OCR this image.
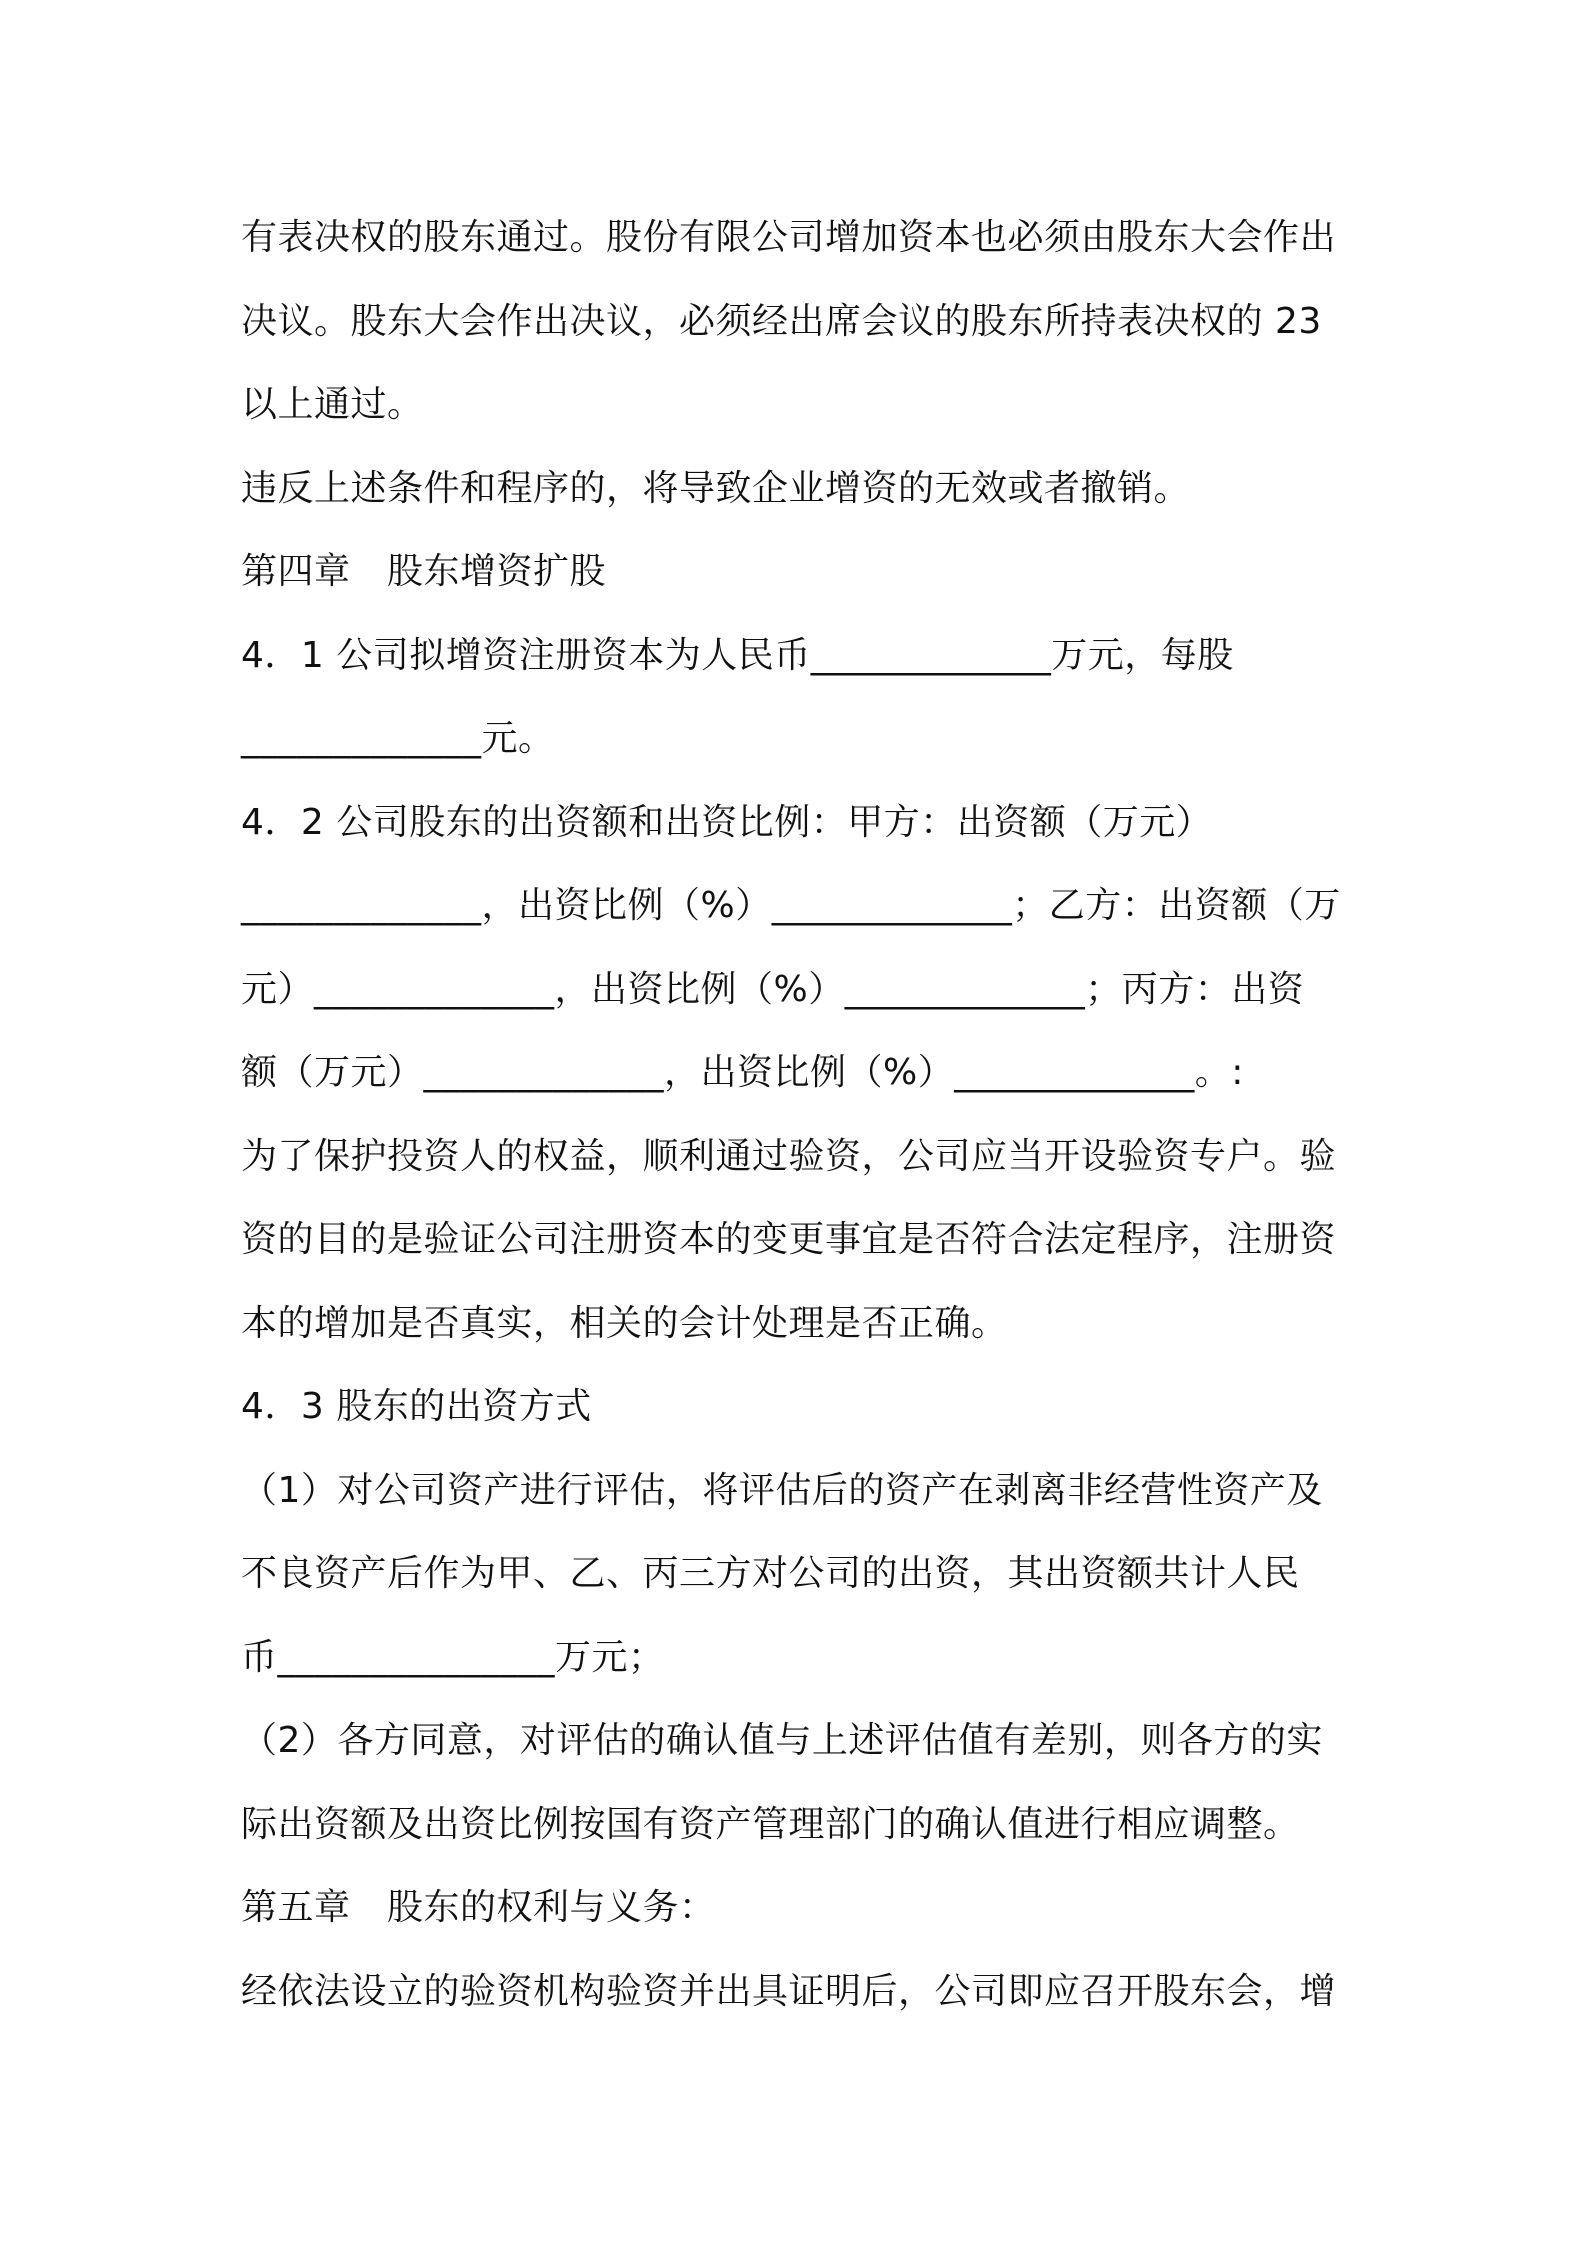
有表决权的股东通过。股份有限公司增加资本也必须由股东大会作出
决议。股东大会作出决议，必须经出席会议的股东所持表决权的 23
以上通过。
违反上述条件和程序的，将导致企业增资的无效或者撤销。
第四章　股东增资扩股
4．1 公司拟增资注册资本为人民币_____________万元，每股
_____________元。
4．2 公司股东的出资额和出资比例：甲方：出资额（万元）
_____________，出资比例（%）_____________；乙方：出资额（万
元）_____________，出资比例（%）_____________；丙方：出资
额（万元）_____________，出资比例（%）_____________。:
为了保护投资人的权益，顺利通过验资，公司应当开设验资专户。验
资的目的是验证公司注册资本的变更事宜是否符合法定程序，注册资
本的增加是否真实，相关的会计处理是否正确。
4．3 股东的出资方式
（1）对公司资产进行评估，将评估后的资产在剥离非经营性资产及
不良资产后作为甲、乙、丙三方对公司的出资，其出资额共计人民
币_______________万元；
（2）各方同意，对评估的确认值与上述评估值有差别，则各方的实
际出资额及出资比例按国有资产管理部门的确认值进行相应调整。
第五章　股东的权利与义务：
经依法设立的验资机构验资并出具证明后，公司即应召开股东会，增
